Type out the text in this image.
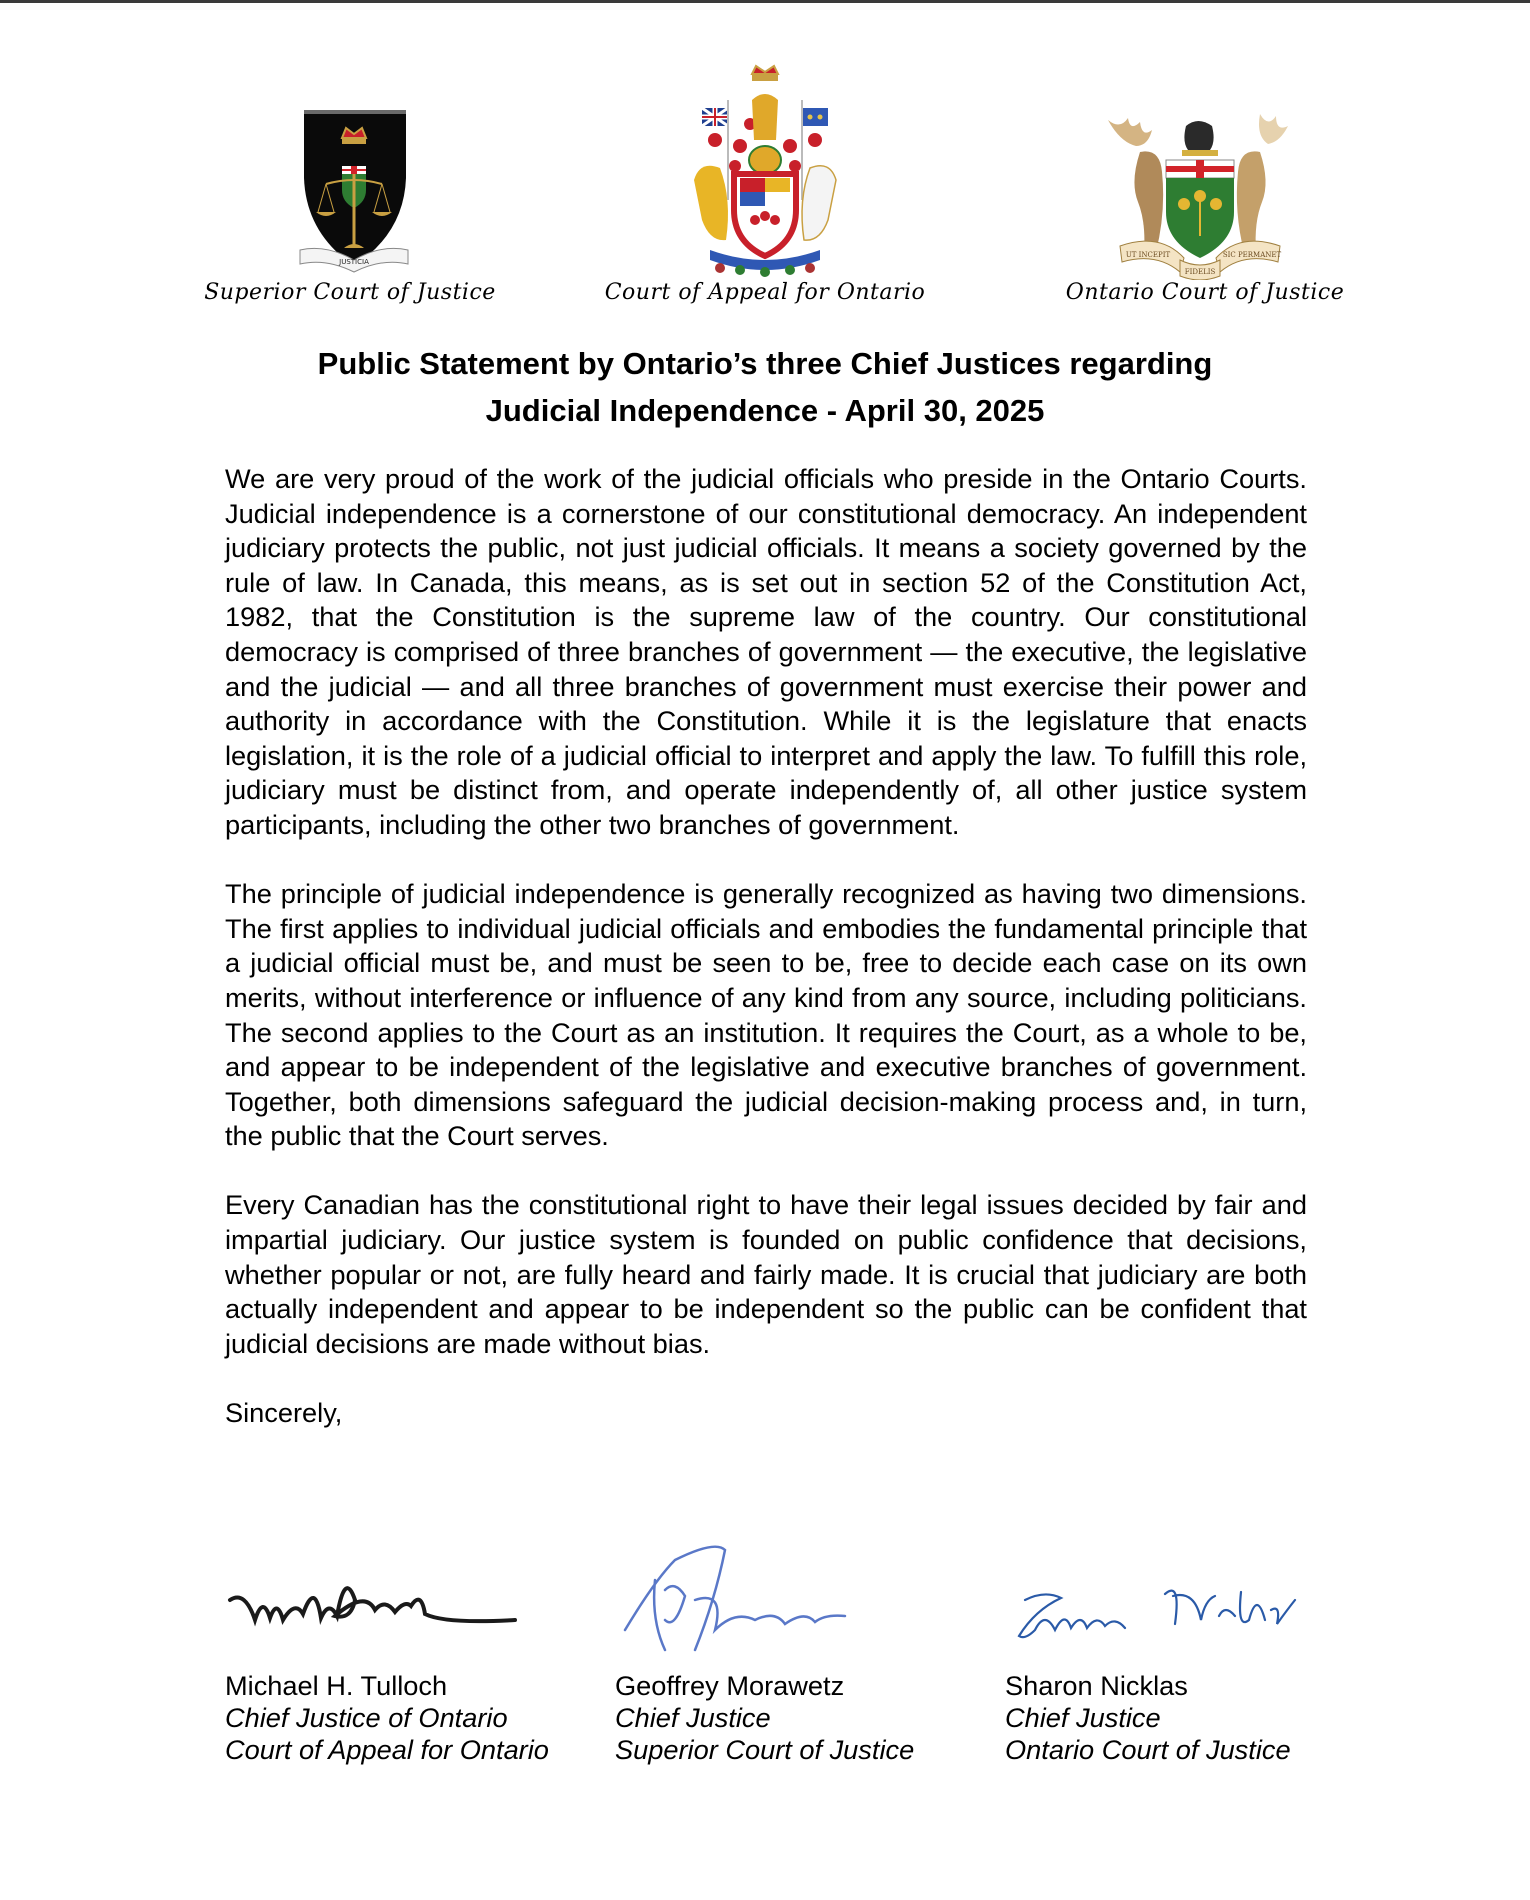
JUSTICIA
Superior Court of Justice	Court of Appeal for Ontario
UT INCEPIT
FIDELIS
SIC PERMANET
Ontario Court of Justice
Public Statement by Ontario’s three Chief Justices regarding
Judicial Independence - April 30, 2025

We are very proud of the work of the judicial officials who preside in the Ontario Courts. Judicial independence is a cornerstone of our constitutional democracy. An independent judiciary protects the public, not just judicial officials. It means a society governed by the rule of law. In Canada, this means, as is set out in section 52 of the Constitution Act, 1982, that the Constitution is the supreme law of the country. Our constitutional democracy is comprised of three branches of government — the executive, the legislative and the judicial — and all three branches of government must exercise their power and authority in accordance with the Constitution. While it is the legislature that enacts legislation, it is the role of a judicial official to interpret and apply the law. To fulfill this role, judiciary must be distinct from, and operate independently of, all other justice system participants, including the other two branches of government.

The principle of judicial independence is generally recognized as having two dimensions. The first applies to individual judicial officials and embodies the fundamental principle that a judicial official must be, and must be seen to be, free to decide each case on its own merits, without interference or influence of any kind from any source, including politicians. The second applies to the Court as an institution. It requires the Court, as a whole to be, and appear to be independent of the legislative and executive branches of government. Together, both dimensions safeguard the judicial decision-making process and, in turn, the public that the Court serves.

Every Canadian has the constitutional right to have their legal issues decided by fair and impartial judiciary. Our justice system is founded on public confidence that decisions, whether popular or not, are fully heard and fairly made. It is crucial that judiciary are both actually independent and appear to be independent so the public can be confident that judicial decisions are made without bias.

Sincerely,

Michael H. Tulloch
Chief Justice of Ontario
Court of Appeal for Ontario
Geoffrey Morawetz
Chief Justice
Superior Court of Justice
Sharon Nicklas
Chief Justice
Ontario Court of Justice
